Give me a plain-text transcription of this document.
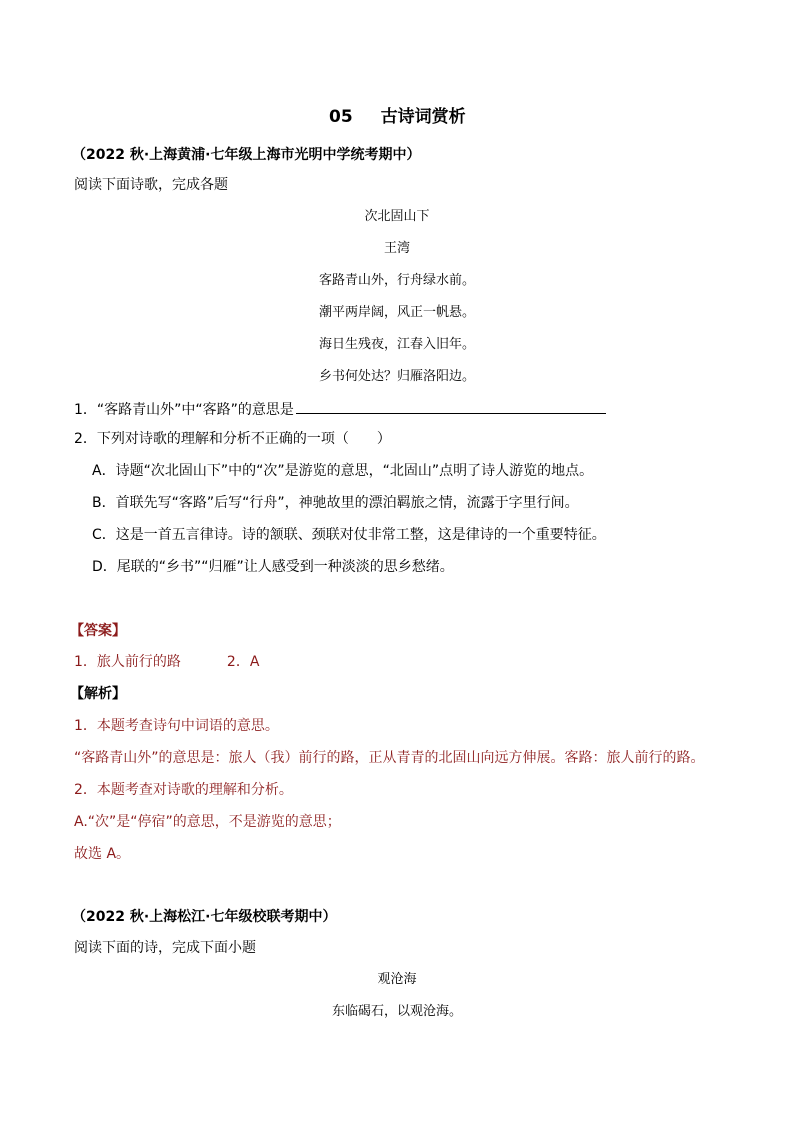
05 古诗词赏析
（2022 秋·上海黄浦·七年级上海市光明中学统考期中）
阅读下面诗歌，完成各题
次北固山下
王湾
客路青山外，行舟绿水前。
潮平两岸阔，风正一帆悬。
海日生残夜，江春入旧年。
乡书何处达？归雁洛阳边。
1．“客路青山外”中“客路”的意思是
2．下列对诗歌的理解和分析不正确的一项（　　）
A．诗题“次北固山下”中的“次”是游览的意思，“北固山”点明了诗人游览的地点。
B．首联先写“客路”后写“行舟”，神驰故里的漂泊羁旅之情，流露于字里行间。
C．这是一首五言律诗。诗的颔联、颈联对仗非常工整，这是律诗的一个重要特征。
D．尾联的“乡书”“归雁”让人感受到一种淡淡的思乡愁绪。
【答案】
1．旅人前行的路	2．A
【解析】
1．本题考查诗句中词语的意思。
“客路青山外”的意思是：旅人（我）前行的路，正从青青的北固山向远方伸展。客路：旅人前行的路。
2．本题考查对诗歌的理解和分析。
A.“次”是“停宿”的意思，不是游览的意思；
故选 A。
（2022 秋·上海松江·七年级校联考期中）
阅读下面的诗，完成下面小题
观沧海
东临碣石，以观沧海。
